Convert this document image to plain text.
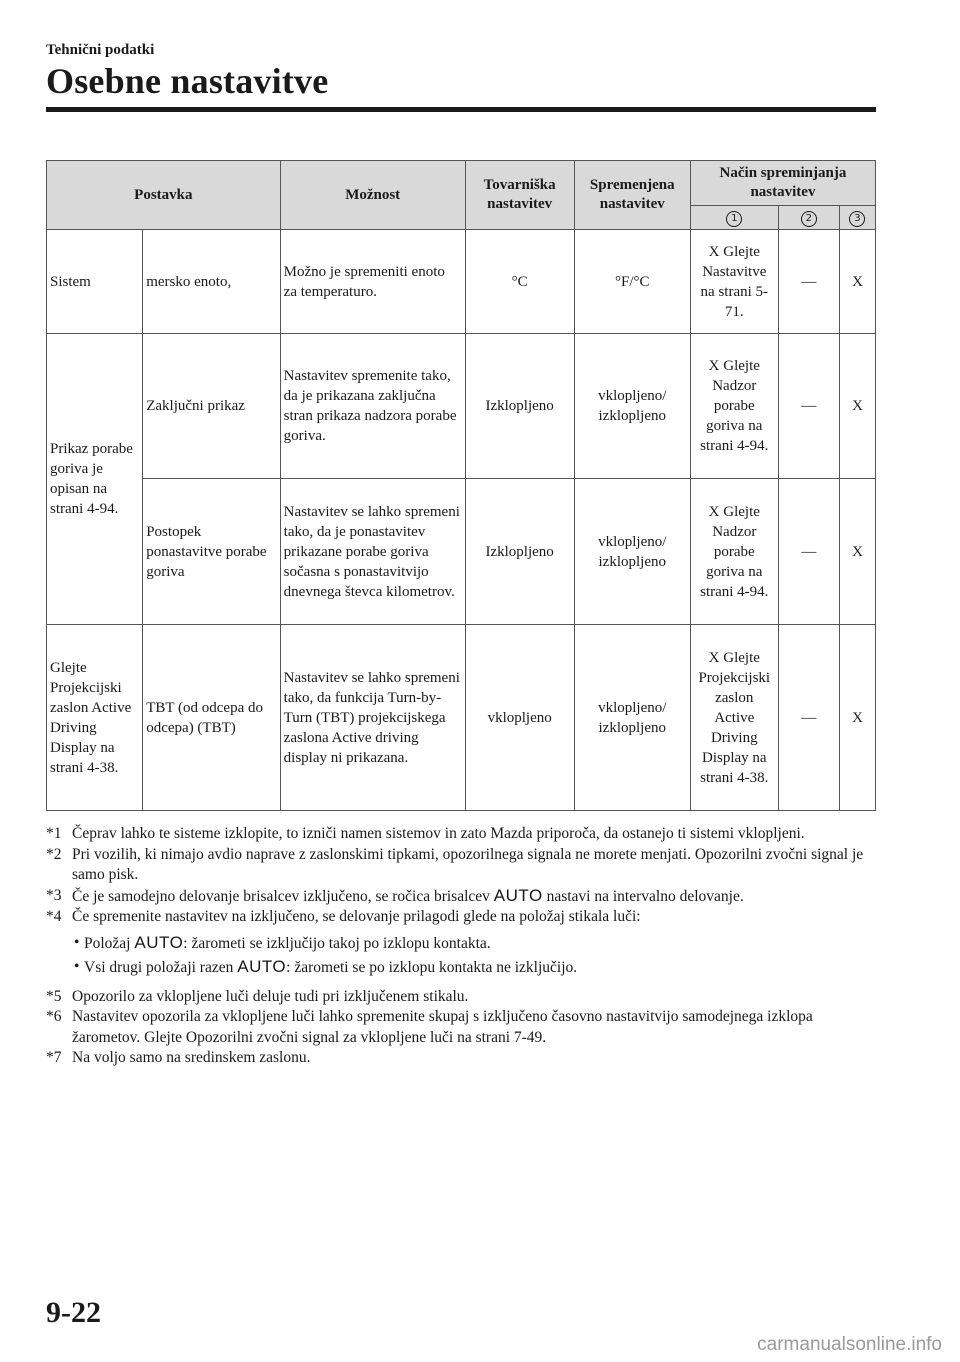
Tehnični podatki
Osebne nastavitve
Postavka		Možnost	Tovarniška nastavitev	Spremenjena nastavitev	Način spreminjanja nastavitev		
					1	2	3
Sistem	mersko enoto,	Možno je spremeniti enoto za temperaturo.	°C	°F/°C	X Glejte Nastavitve na strani 5-71.	—	X
Prikaz porabe goriva je opisan na strani 4-94.	Zaključni prikaz	Nastavitev spremenite tako, da je prikazana zaključna stran prikaza nadzora porabe goriva.	Izklopljeno	vklopljeno/ izklopljeno	X Glejte Nadzor porabe goriva na strani 4-94.	—	X
	Postopek ponastavitve porabe goriva	Nastavitev se lahko spremeni tako, da je ponastavitev prikazane porabe goriva sočasna s ponastavitvijo dnevnega števca kilometrov.	Izklopljeno	vklopljeno/ izklopljeno	X Glejte Nadzor porabe goriva na strani 4-94.	—	X
Glejte Projekcijski zaslon Active Driving Display na strani 4-38.	TBT (od odcepa do odcepa) (TBT)	Nastavitev se lahko spremeni tako, da funkcija Turn-by-Turn (TBT) projekcijskega zaslona Active driving display ni prikazana.	vklopljeno	vklopljeno/ izklopljeno	X Glejte Projekcijski zaslon Active Driving Display na strani 4-38.	—	X

*1 Čeprav lahko te sisteme izklopite, to izniči namen sistemov in zato Mazda priporoča, da ostanejo ti sistemi vklopljeni.

*2 Pri vozilih, ki nimajo avdio naprave z zaslonskimi tipkami, opozorilnega signala ne morete menjati. Opozorilni zvočni signal je samo pisk.

*3 Če je samodejno delovanje brisalcev izključeno, se ročica brisalcev AUTO nastavi na intervalno delovanje.

*4 Če spremenite nastavitev na izključeno, se delovanje prilagodi glede na položaj stikala luči:

• Položaj AUTO: žarometi se izključijo takoj po izklopu kontakta.

• Vsi drugi položaji razen AUTO: žarometi se po izklopu kontakta ne izključijo.

*5 Opozorilo za vklopljene luči deluje tudi pri izključenem stikalu.

*6 Nastavitev opozorila za vklopljene luči lahko spremenite skupaj s izključeno časovno nastavitvijo samodejnega izklopa žarometov. Glejte Opozorilni zvočni signal za vklopljene luči na strani 7-49.

*7 Na voljo samo na sredinskem zaslonu.

9-22
carmanualsonline.info
